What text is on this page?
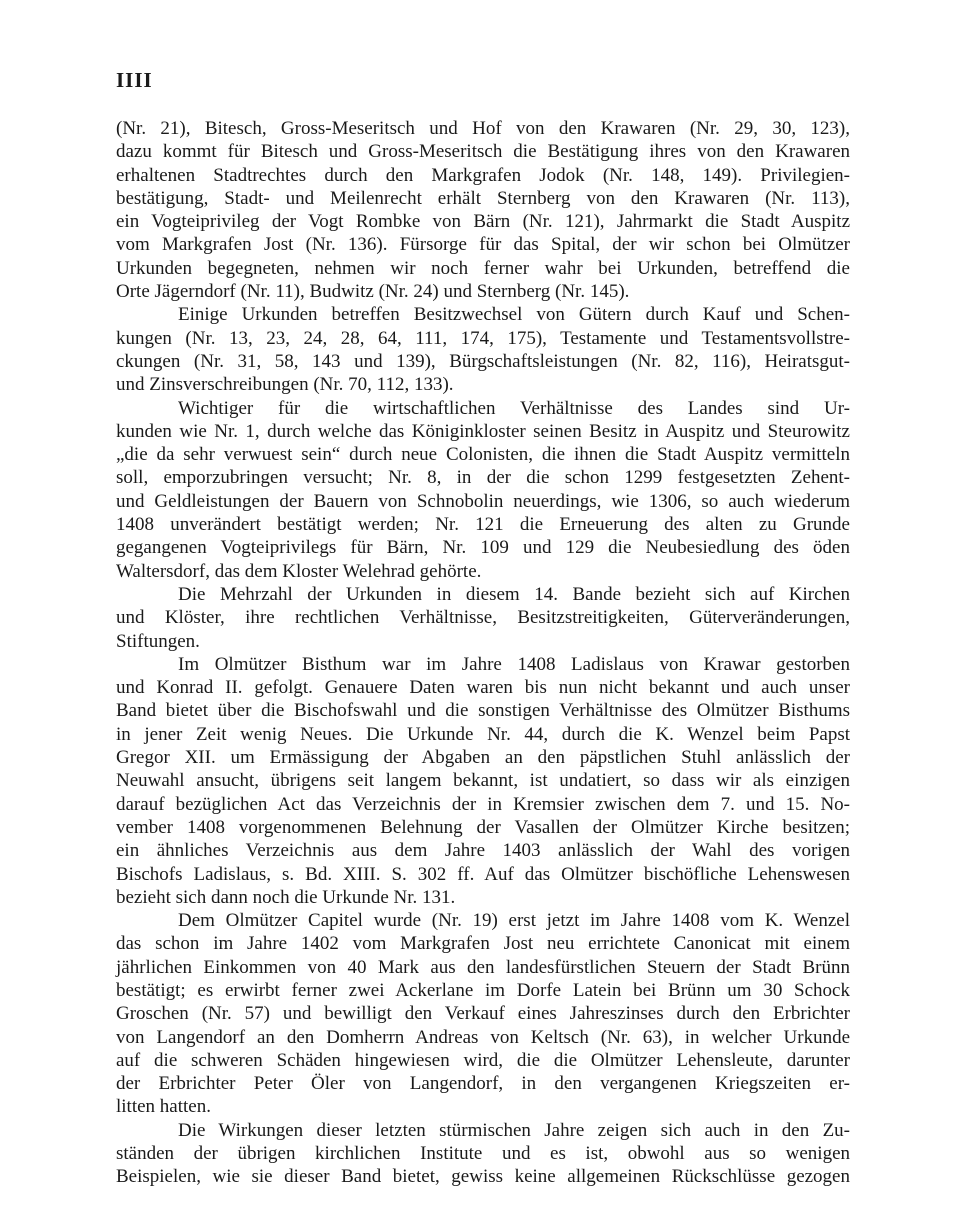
IIII
(Nr. 21), Bitesch, Gross-Meseritsch und Hof von den Krawaren (Nr. 29, 30, 123),
dazu kommt für Bitesch und Gross-Meseritsch die Bestätigung ihres von den Krawaren
erhaltenen Stadtrechtes durch den Markgrafen Jodok (Nr. 148, 149). Privilegien-
bestätigung, Stadt- und Meilenrecht erhält Sternberg von den Krawaren (Nr. 113),
ein Vogteiprivileg der Vogt Rombke von Bärn (Nr. 121), Jahrmarkt die Stadt Auspitz
vom Markgrafen Jost (Nr. 136). Fürsorge für das Spital, der wir schon bei Olmützer
Urkunden begegneten, nehmen wir noch ferner wahr bei Urkunden, betreffend die
Orte Jägerndorf (Nr. 11), Budwitz (Nr. 24) und Sternberg (Nr. 145).
Einige Urkunden betreffen Besitzwechsel von Gütern durch Kauf und Schen-
kungen (Nr. 13, 23, 24, 28, 64, 111, 174, 175), Testamente und Testamentsvollstre-
ckungen (Nr. 31, 58, 143 und 139), Bürgschaftsleistungen (Nr. 82, 116), Heiratsgut-
und Zinsverschreibungen (Nr. 70, 112, 133).
Wichtiger für die wirtschaftlichen Verhältnisse des Landes sind Ur-
kunden wie Nr. 1, durch welche das Königinkloster seinen Besitz in Auspitz und Steurowitz
„die da sehr verwuest sein“ durch neue Colonisten, die ihnen die Stadt Auspitz vermitteln
soll, emporzubringen versucht; Nr. 8, in der die schon 1299 festgesetzten Zehent-
und Geldleistungen der Bauern von Schnobolin neuerdings, wie 1306, so auch wiederum
1408 unverändert bestätigt werden; Nr. 121 die Erneuerung des alten zu Grunde
gegangenen Vogteiprivilegs für Bärn, Nr. 109 und 129 die Neubesiedlung des öden
Waltersdorf, das dem Kloster Welehrad gehörte.
Die Mehrzahl der Urkunden in diesem 14. Bande bezieht sich auf Kirchen
und Klöster, ihre rechtlichen Verhältnisse, Besitzstreitigkeiten, Güterveränderungen,
Stiftungen.
Im Olmützer Bisthum war im Jahre 1408 Ladislaus von Krawar gestorben
und Konrad II. gefolgt. Genauere Daten waren bis nun nicht bekannt und auch unser
Band bietet über die Bischofswahl und die sonstigen Verhältnisse des Olmützer Bisthums
in jener Zeit wenig Neues. Die Urkunde Nr. 44, durch die K. Wenzel beim Papst
Gregor XII. um Ermässigung der Abgaben an den päpstlichen Stuhl anlässlich der
Neuwahl ansucht, übrigens seit langem bekannt, ist undatiert, so dass wir als einzigen
darauf bezüglichen Act das Verzeichnis der in Kremsier zwischen dem 7. und 15. No-
vember 1408 vorgenommenen Belehnung der Vasallen der Olmützer Kirche besitzen;
ein ähnliches Verzeichnis aus dem Jahre 1403 anlässlich der Wahl des vorigen
Bischofs Ladislaus, s. Bd. XIII. S. 302 ff. Auf das Olmützer bischöfliche Lehenswesen
bezieht sich dann noch die Urkunde Nr. 131.
Dem Olmützer Capitel wurde (Nr. 19) erst jetzt im Jahre 1408 vom K. Wenzel
das schon im Jahre 1402 vom Markgrafen Jost neu errichtete Canonicat mit einem
jährlichen Einkommen von 40 Mark aus den landesfürstlichen Steuern der Stadt Brünn
bestätigt; es erwirbt ferner zwei Ackerlane im Dorfe Latein bei Brünn um 30 Schock
Groschen (Nr. 57) und bewilligt den Verkauf eines Jahreszinses durch den Erbrichter
von Langendorf an den Domherrn Andreas von Keltsch (Nr. 63), in welcher Urkunde
auf die schweren Schäden hingewiesen wird, die die Olmützer Lehensleute, darunter
der Erbrichter Peter Öler von Langendorf, in den vergangenen Kriegszeiten er-
litten hatten.
Die Wirkungen dieser letzten stürmischen Jahre zeigen sich auch in den Zu-
ständen der übrigen kirchlichen Institute und es ist, obwohl aus so wenigen
Beispielen, wie sie dieser Band bietet, gewiss keine allgemeinen Rückschlüsse gezogen
